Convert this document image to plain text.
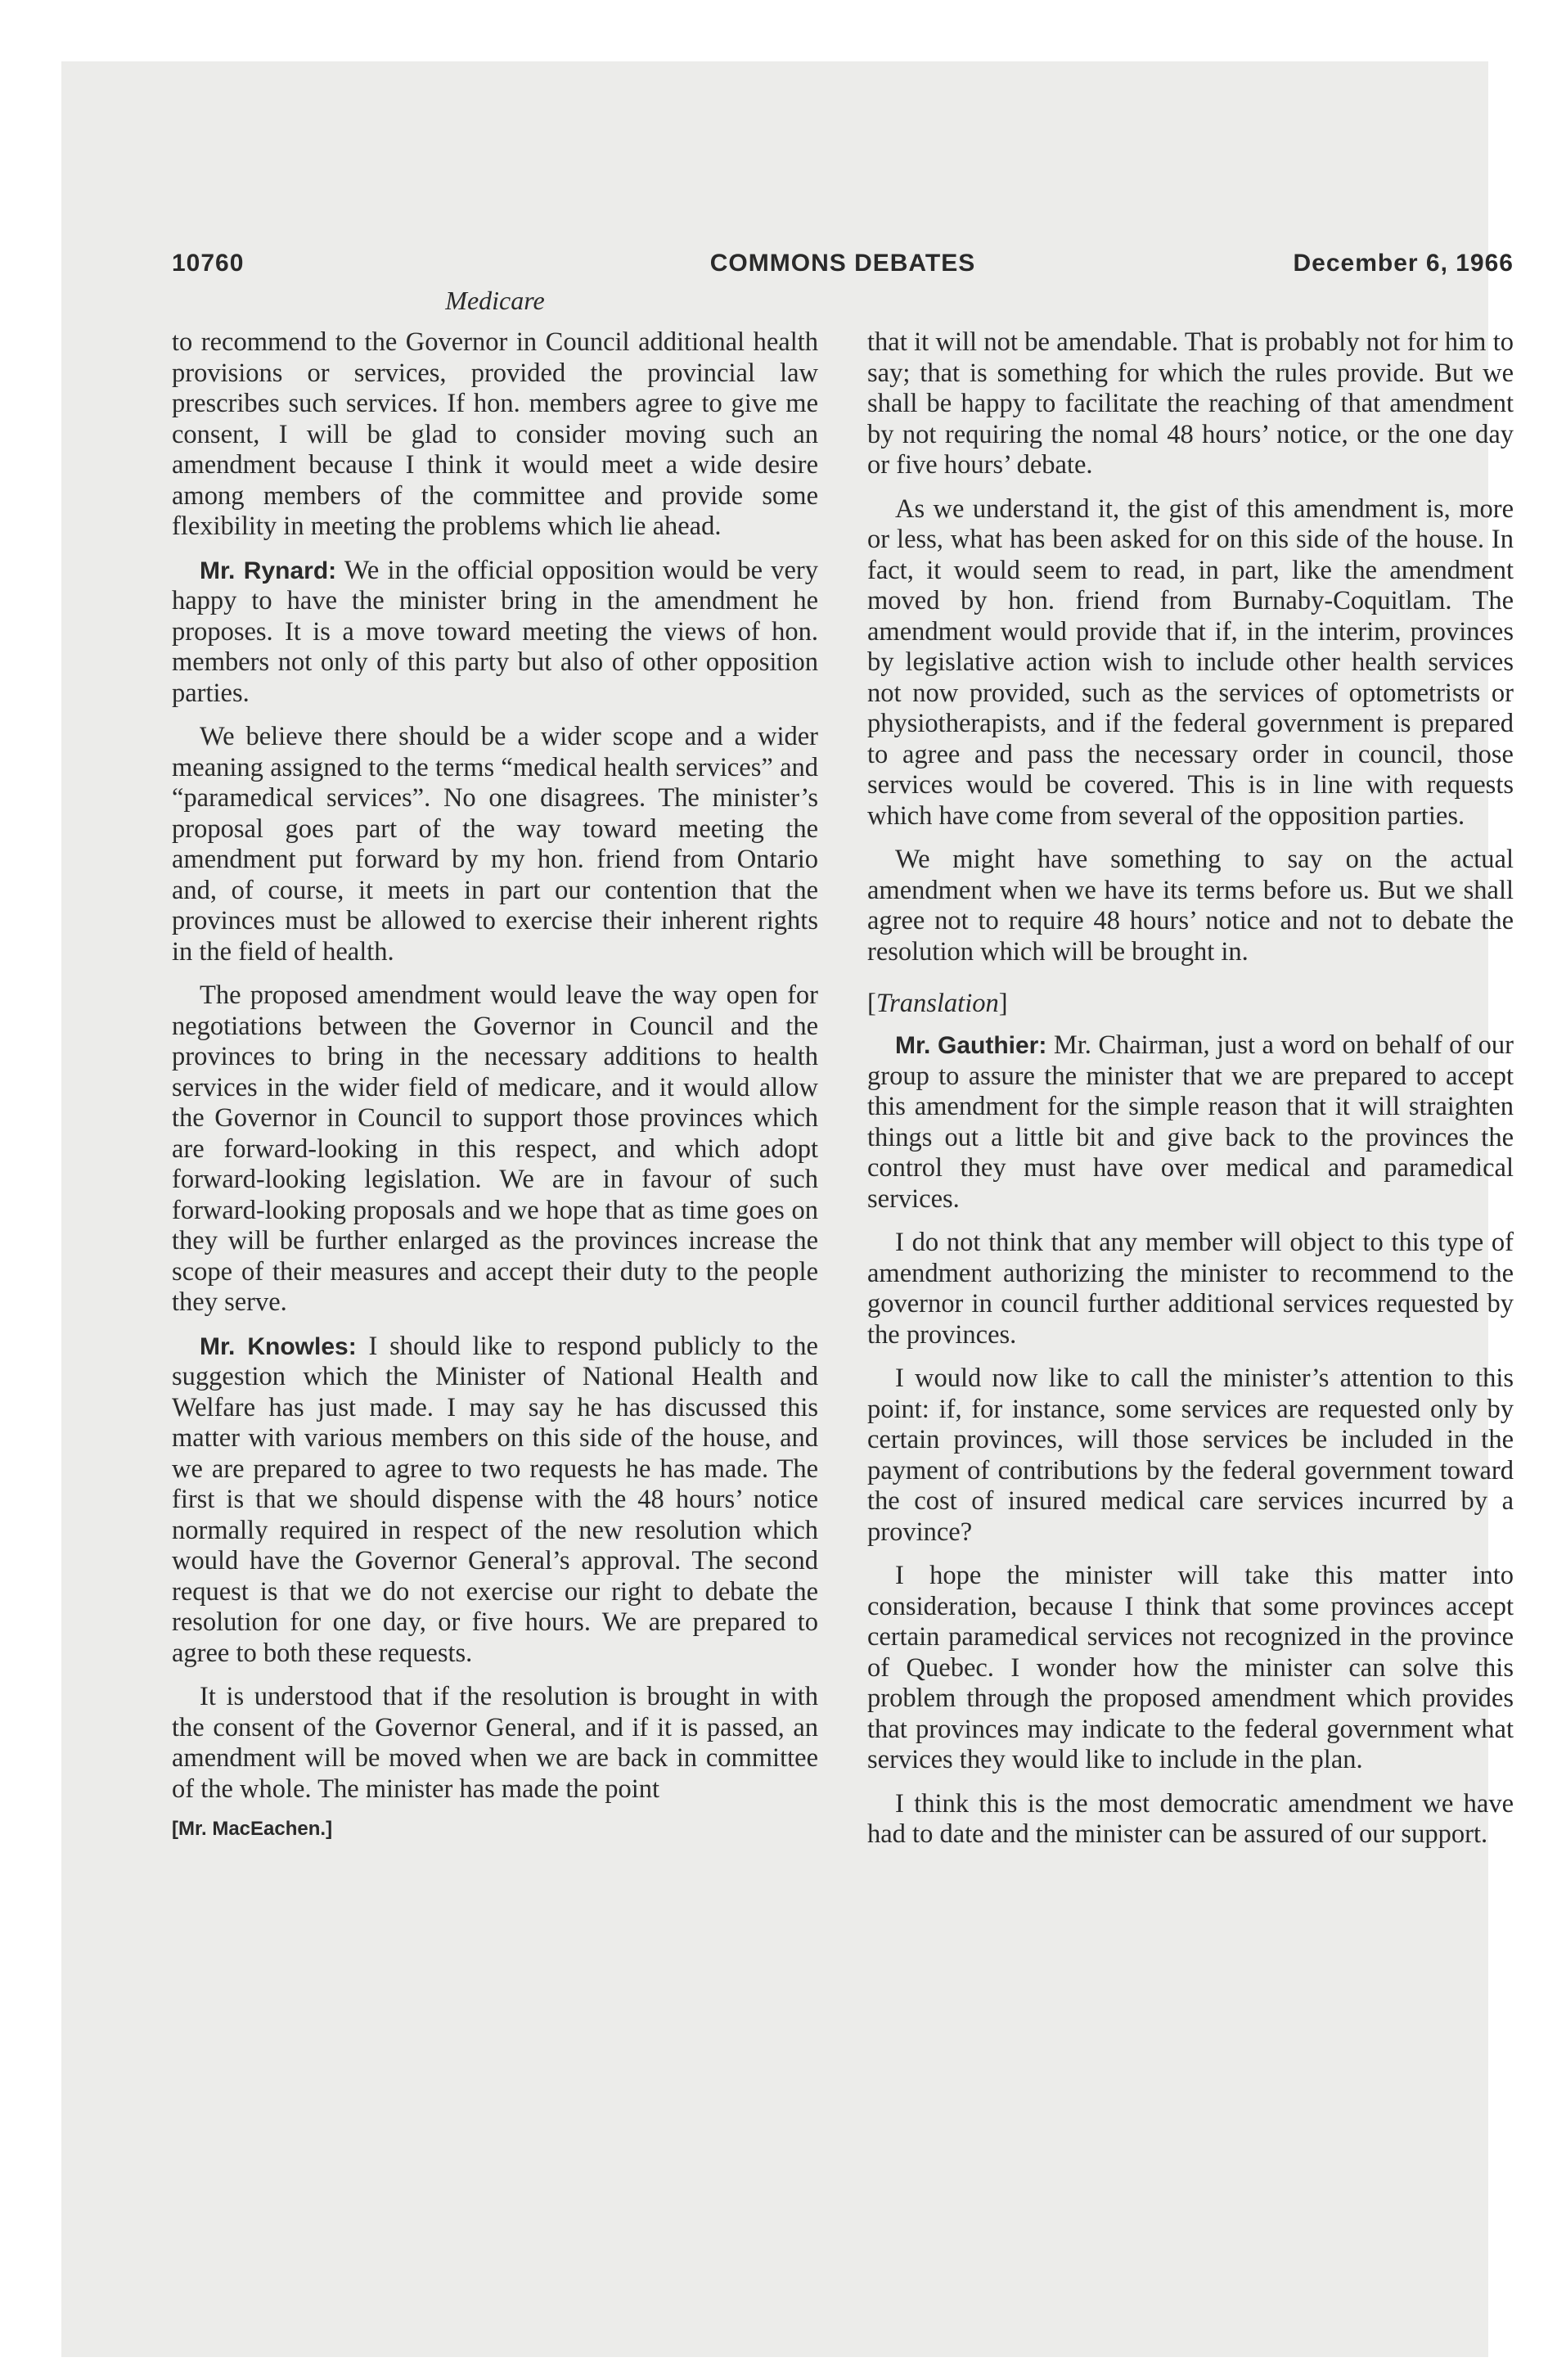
10760	COMMONS DEBATES	December 6, 1966
Medicare

to recommend to the Governor in Council additional health provisions or services, provided the provincial law prescribes such services. If hon. members agree to give me consent, I will be glad to consider moving such an amendment because I think it would meet a wide desire among members of the committee and provide some flexibility in meeting the problems which lie ahead.

Mr. Rynard: We in the official opposition would be very happy to have the minister bring in the amendment he proposes. It is a move toward meeting the views of hon. members not only of this party but also of other opposition parties.

We believe there should be a wider scope and a wider meaning assigned to the terms “medical health services” and “paramedical services”. No one disagrees. The minister’s proposal goes part of the way toward meeting the amendment put forward by my hon. friend from Ontario and, of course, it meets in part our contention that the provinces must be allowed to exercise their inherent rights in the field of health.

The proposed amendment would leave the way open for negotiations between the Governor in Council and the provinces to bring in the necessary additions to health services in the wider field of medicare, and it would allow the Governor in Council to support those provinces which are forward-looking in this respect, and which adopt forward-looking legislation. We are in favour of such forward-looking proposals and we hope that as time goes on they will be further enlarged as the provinces increase the scope of their measures and accept their duty to the people they serve.

Mr. Knowles: I should like to respond publicly to the suggestion which the Minister of National Health and Welfare has just made. I may say he has discussed this matter with various members on this side of the house, and we are prepared to agree to two requests he has made. The first is that we should dispense with the 48 hours’ notice normally required in respect of the new resolution which would have the Governor General’s approval. The second request is that we do not exercise our right to debate the resolution for one day, or five hours. We are prepared to agree to both these requests.

It is understood that if the resolution is brought in with the consent of the Governor General, and if it is passed, an amendment will be moved when we are back in committee of the whole. The minister has made the point

[Mr. MacEachen.]

that it will not be amendable. That is probably not for him to say; that is something for which the rules provide. But we shall be happy to facilitate the reaching of that amendment by not requiring the nomal 48 hours’ notice, or the one day or five hours’ debate.

As we understand it, the gist of this amendment is, more or less, what has been asked for on this side of the house. In fact, it would seem to read, in part, like the amendment moved by hon. friend from Burnaby-Coquitlam. The amendment would provide that if, in the interim, provinces by legislative action wish to include other health services not now provided, such as the services of optometrists or physiotherapists, and if the federal government is prepared to agree and pass the necessary order in council, those services would be covered. This is in line with requests which have come from several of the opposition parties.

We might have something to say on the actual amendment when we have its terms before us. But we shall agree not to require 48 hours’ notice and not to debate the resolution which will be brought in.

[Translation]

Mr. Gauthier: Mr. Chairman, just a word on behalf of our group to assure the minister that we are prepared to accept this amendment for the simple reason that it will straighten things out a little bit and give back to the provinces the control they must have over medical and paramedical services.

I do not think that any member will object to this type of amendment authorizing the minister to recommend to the governor in council further additional services requested by the provinces.

I would now like to call the minister’s attention to this point: if, for instance, some services are requested only by certain provinces, will those services be included in the payment of contributions by the federal government toward the cost of insured medical care services incurred by a province?

I hope the minister will take this matter into consideration, because I think that some provinces accept certain paramedical services not recognized in the province of Quebec. I wonder how the minister can solve this problem through the proposed amendment which provides that provinces may indicate to the federal government what services they would like to include in the plan.

I think this is the most democratic amendment we have had to date and the minister can be assured of our support.
